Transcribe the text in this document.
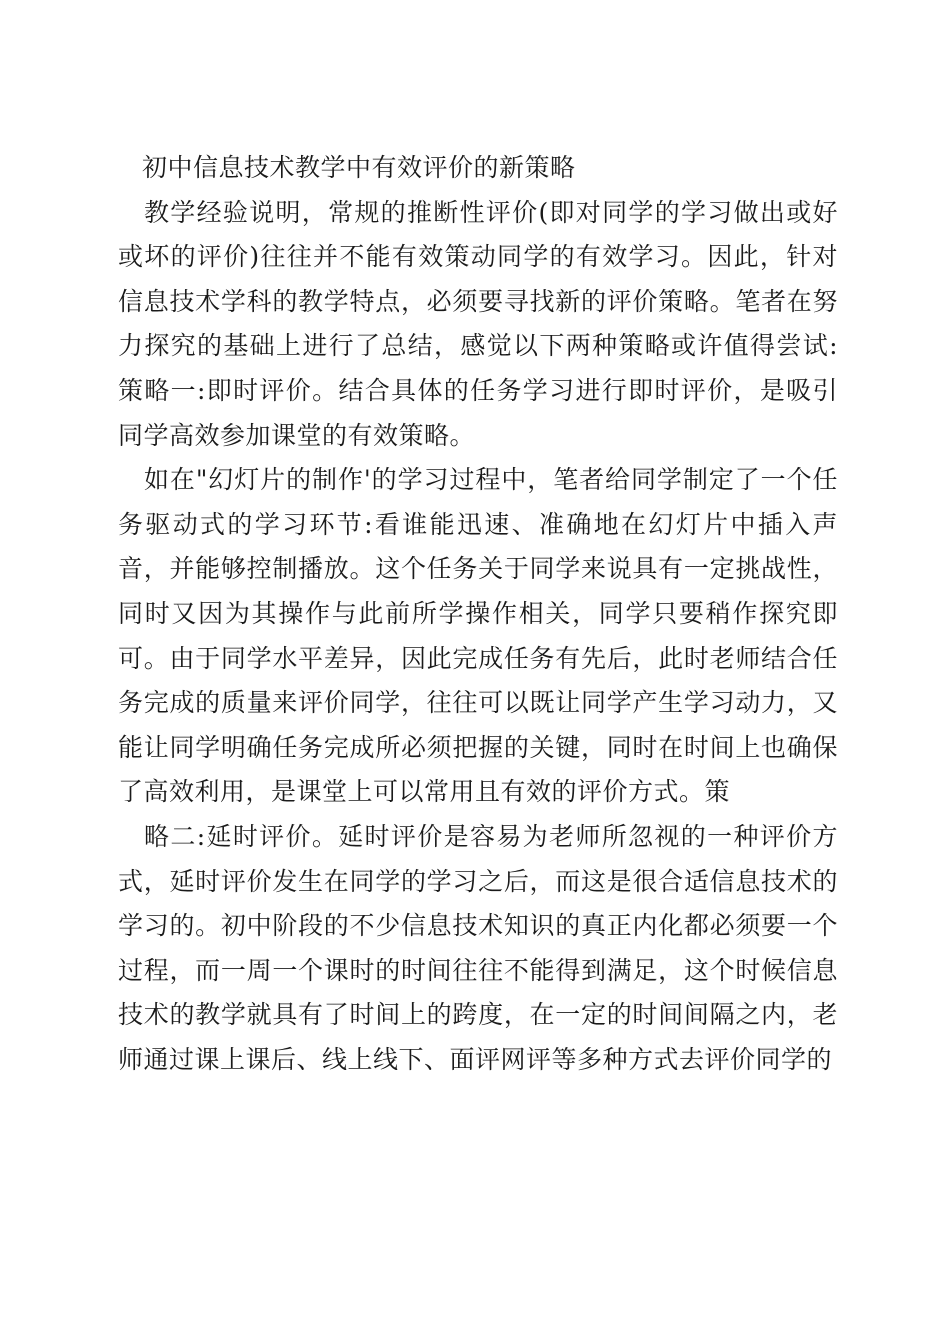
初中信息技术教学中有效评价的新策略

教学经验说明，常规的推断性评价(即对同学的学习做出或好或坏的评价)往往并不能有效策动同学的有效学习。因此，针对信息技术学科的教学特点，必须要寻找新的评价策略。笔者在努力探究的基础上进行了总结，感觉以下两种策略或许值得尝试:策略一:即时评价。结合具体的任务学习进行即时评价，是吸引同学高效参加课堂的有效策略。

如在"幻灯片的制作'的学习过程中，笔者给同学制定了一个任务驱动式的学习环节:看谁能迅速、准确地在幻灯片中插入声音，并能够控制播放。这个任务关于同学来说具有一定挑战性，同时又因为其操作与此前所学操作相关，同学只要稍作探究即可。由于同学水平差异，因此完成任务有先后，此时老师结合任务完成的质量来评价同学，往往可以既让同学产生学习动力，又能让同学明确任务完成所必须把握的关键，同时在时间上也确保了高效利用，是课堂上可以常用且有效的评价方式。策

略二:延时评价。延时评价是容易为老师所忽视的一种评价方式，延时评价发生在同学的学习之后，而这是很合适信息技术的学习的。初中阶段的不少信息技术知识的真正内化都必须要一个过程，而一周一个课时的时间往往不能得到满足，这个时候信息技术的教学就具有了时间上的跨度，在一定的时间间隔之内，老师通过课上课后、线上线下、面评网评等多种方式去评价同学的
